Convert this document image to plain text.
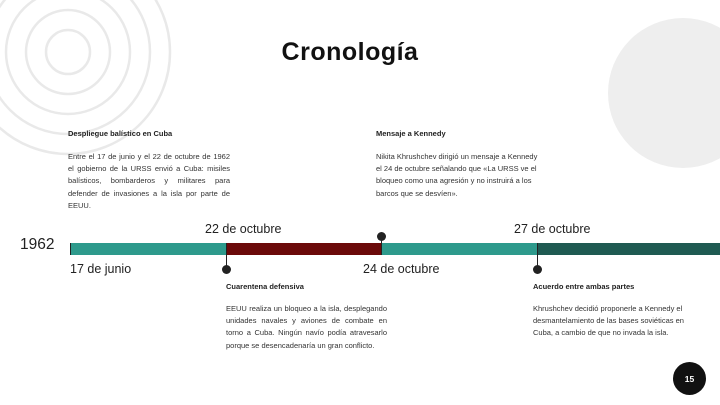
Cronología
Despliegue balístico en Cuba
Entre el 17 de junio y el 22 de octubre de 1962 el gobierno de la URSS envió a Cuba: misiles balísticos, bombarderos y militares para defender de invasiones a la isla por parte de EEUU.
Mensaje a Kennedy
Nikita Khrushchev dirigió un mensaje a Kennedy el 24 de octubre señalando que «La URSS ve el bloqueo como una agresión y no instruirá a los barcos que se desvíen».
1962
17 de junio
22 de octubre
24 de octubre
27 de octubre
Cuarentena defensiva
EEUU realiza un bloqueo a la isla, desplegando unidades navales y aviones de combate en torno a Cuba. Ningún navío podía atravesarlo porque se desencadenaría un gran conflicto.
Acuerdo entre ambas partes
Khrushchev decidió proponerle a Kennedy el desmantelamiento de las bases soviéticas en Cuba, a cambio de que no invada la isla.
15
